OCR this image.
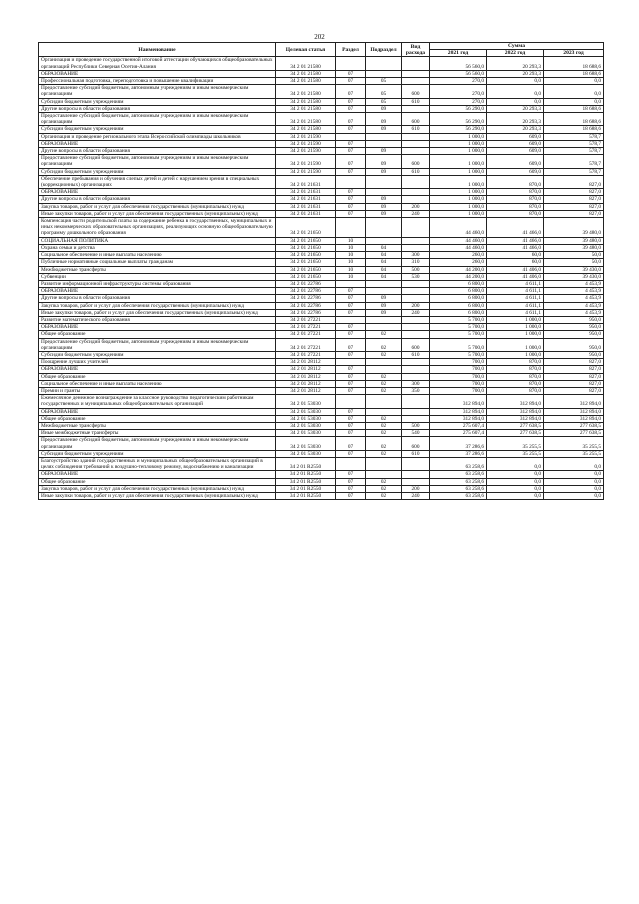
202
Наименование	Целевая статья	Раздел	Подраздел	Вид расхода	Сумма		
					2021 год	2022 год	2023 год
Организация и проведение государственной итоговой аттестации обучающихся общеобразовательных организаций Республики Северная Осетия-Алания	34 2 01 21580				56 560,0	20 293,3	18 688,6
ОБРАЗОВАНИЕ	34 2 01 21580	07			56 560,0	20 293,3	18 688,6
Профессиональная подготовка, переподготовка и повышение квалификации	34 2 01 21580	07	05		270,0	0,0	0,0
Предоставление субсидий бюджетным, автономным учреждениям и иным некоммерческим организациям	34 2 01 21580	07	05	600	270,0	0,0	0,0
Субсидии бюджетным учреждениям	34 2 01 21580	07	05	610	270,0	0,0	0,0
Другие вопросы в области образования	34 2 01 21580	07	09		56 290,0	20 293,3	18 688,6
Предоставление субсидий бюджетным, автономным учреждениям и иным некоммерческим организациям	34 2 01 21580	07	09	600	56 290,0	20 293,3	18 688,6
Субсидии бюджетным учреждениям	34 2 01 21580	07	09	610	56 290,0	20 293,3	18 688,6
Организация и проведение регионального этапа Всероссийской олимпиады школьников	34 2 01 21590				1 000,0	609,0	578,7
ОБРАЗОВАНИЕ	34 2 01 21590	07			1 000,0	609,0	578,7
Другие вопросы в области образования	34 2 01 21590	07	09		1 000,0	609,0	578,7
Предоставление субсидий бюджетным, автономным учреждениям и иным некоммерческим организациям	34 2 01 21590	07	09	600	1 000,0	609,0	578,7
Субсидии бюджетным учреждениям	34 2 01 21590	07	09	610	1 000,0	609,0	578,7
Обеспечение пребывания и обучения слепых детей и детей с нарушением зрения в специальных (коррекционных) организациях	34 2 01 21631				1 000,0	870,0	827,0
ОБРАЗОВАНИЕ	34 2 01 21631	07			1 000,0	870,0	827,0
Другие вопросы в области образования	34 2 01 21631	07	09		1 000,0	870,0	827,0
Закупка товаров, работ и услуг для обеспечения государственных (муниципальных) нужд	34 2 01 21631	07	09	200	1 000,0	870,0	827,0
Иные закупки товаров, работ и услуг для обеспечения государственных (муниципальных) нужд	34 2 01 21631	07	09	240	1 000,0	870,0	827,0
Компенсация части родительской платы за содержание ребенка в государственных, муниципальных и иных некоммерческих образовательных организациях, реализующих основную общеобразовательную программу дошкольного образования	34 2 01 21650				44 460,0	41 466,0	39 480,0
СОЦИАЛЬНАЯ ПОЛИТИКА	34 2 01 21650	10			44 460,0	41 466,0	39 480,0
Охрана семьи и детства	34 2 01 21650	10	04		44 460,0	41 466,0	39 480,0
Социальное обеспечение и иные выплаты населению	34 2 01 21650	10	04	300	260,0	60,0	50,0
Публичные нормативные социальные выплаты гражданам	34 2 01 21650	10	04	310	260,0	60,0	50,0
Межбюджетные трансферты	34 2 01 21650	10	04	500	44 200,0	41 406,0	39 430,0
Субвенции	34 2 01 21650	10	04	530	44 200,0	41 406,0	39 430,0
Развитие информационной инфраструктуры системы образования	34 2 01 22786				6 800,0	4 611,1	4 453,9
ОБРАЗОВАНИЕ	34 2 01 22786	07			6 800,0	4 611,1	4 453,9
Другие вопросы в области образования	34 2 01 22786	07	09		6 800,0	4 611,1	4 453,9
Закупка товаров, работ и услуг для обеспечения государственных (муниципальных) нужд	34 2 01 22786	07	09	200	6 800,0	4 611,1	4 453,9
Иные закупки товаров, работ и услуг для обеспечения государственных (муниципальных) нужд	34 2 01 22786	07	09	240	6 800,0	4 611,1	4 453,9
Развитие математического образования	34 2 01 27221				5 700,0	1 000,0	950,0
ОБРАЗОВАНИЕ	34 2 01 27221	07			5 700,0	1 000,0	950,0
Общее образование	34 2 01 27221	07	02		5 700,0	1 000,0	950,0
Предоставление субсидий бюджетным, автономным учреждениям и иным некоммерческим организациям	34 2 01 27221	07	02	600	5 700,0	1 000,0	950,0
Субсидии бюджетным учреждениям	34 2 01 27221	07	02	610	5 700,0	1 000,0	950,0
Поощрение лучших учителей	34 2 01 28112				700,0	870,0	827,0
ОБРАЗОВАНИЕ	34 2 01 28112	07			700,0	870,0	827,0
Общее образование	34 2 01 28112	07	02		700,0	870,0	827,0
Социальное обеспечение и иные выплаты населению	34 2 01 28112	07	02	300	700,0	870,0	827,0
Премии и гранты	34 2 01 28112	07	02	350	700,0	870,0	827,0
Ежемесячное денежное вознаграждение за классное руководство педагогическим работникам государственных и муниципальных общеобразовательных организаций	34 2 01 53030				312 894,0	312 894,0	312 894,0
ОБРАЗОВАНИЕ	34 2 01 53030	07			312 894,0	312 894,0	312 894,0
Общее образование	34 2 01 53030	07	02		312 894,0	312 894,0	312 894,0
Межбюджетные трансферты	34 2 01 53030	07	02	500	275 607,4	277 638,5	277 638,5
Иные межбюджетные трансферты	34 2 01 53030	07	02	540	275 607,4	277 638,5	277 638,5
Предоставление субсидий бюджетным, автономным учреждениям и иным некоммерческим организациям	34 2 01 53030	07	02	600	37 286,6	35 255,5	35 255,5
Субсидии бюджетным учреждениям	34 2 01 53030	07	02	610	37 286,6	35 255,5	35 255,5
Благоустройство зданий государственных и муниципальных общеобразовательных организаций в целях соблюдения требований к воздушно-тепловому режиму, водоснабжению и канализации	34 2 01 R2550				63 258,6	0,0	0,0
ОБРАЗОВАНИЕ	34 2 01 R2550	07			63 258,6	0,0	0,0
Общее образование	34 2 01 R2550	07	02		63 258,6	0,0	0,0
Закупка товаров, работ и услуг для обеспечения государственных (муниципальных) нужд	34 2 01 R2550	07	02	200	63 258,6	0,0	0,0
Иные закупки товаров, работ и услуг для обеспечения государственных (муниципальных) нужд	34 2 01 R2550	07	02	240	63 258,6	0,0	0,0
